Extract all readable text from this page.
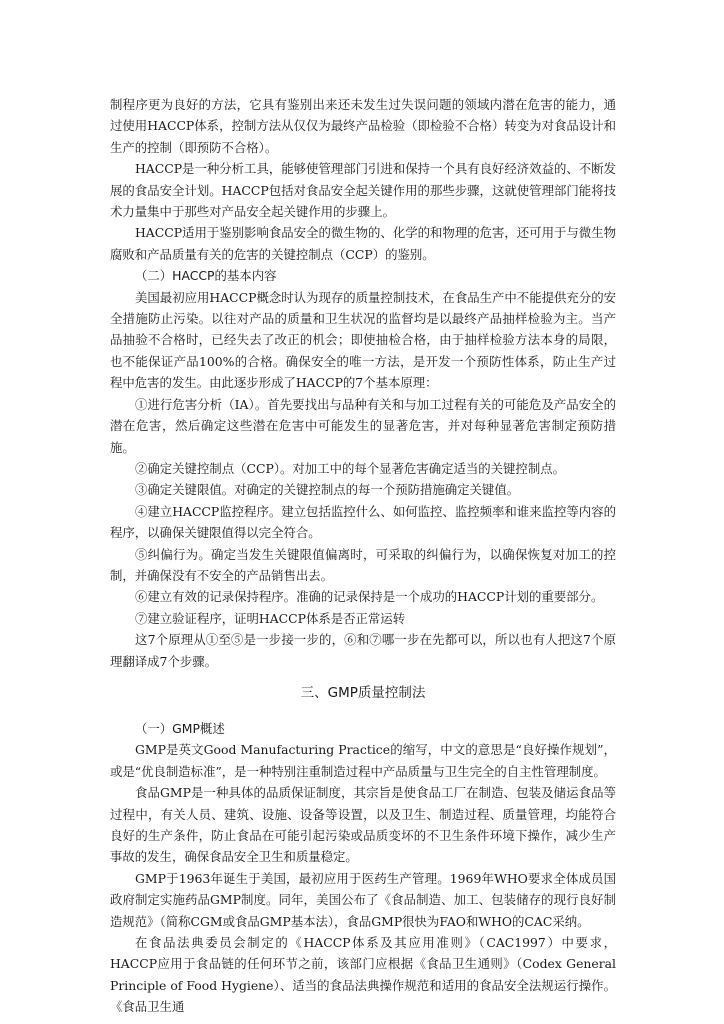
制程序更为良好的方法，它具有鉴别出来还未发生过失误问题的领域内潜在危害的能力，通过使用HACCP体系，控制方法从仅仅为最终产品检验（即检验不合格）转变为对食品设计和生产的控制（即预防不合格）。

HACCP是一种分析工具，能够使管理部门引进和保持一个具有良好经济效益的、不断发展的食品安全计划。HACCP包括对食品安全起关键作用的那些步骤，这就使管理部门能将技术力量集中于那些对产品安全起关键作用的步骤上。

HACCP适用于鉴别影响食品安全的微生物的、化学的和物理的危害，还可用于与微生物腐败和产品质量有关的危害的关键控制点（CCP）的鉴别。

（二）HACCP的基本内容

美国最初应用HACCP概念时认为现存的质量控制技术，在食品生产中不能提供充分的安全措施防止污染。以往对产品的质量和卫生状况的监督均是以最终产品抽样检验为主。当产品抽验不合格时，已经失去了改正的机会；即使抽检合格，由于抽样检验方法本身的局限，也不能保证产品100%的合格。确保安全的唯一方法，是开发一个预防性体系，防止生产过程中危害的发生。由此逐步形成了HACCP的7个基本原理：

①进行危害分析（IA）。首先要找出与品种有关和与加工过程有关的可能危及产品安全的潜在危害，然后确定这些潜在危害中可能发生的显著危害，并对每种显著危害制定预防措施。

②确定关键控制点（CCP）。对加工中的每个显著危害确定适当的关键控制点。

③确定关键限值。对确定的关键控制点的每一个预防措施确定关键值。

④建立HACCP监控程序。建立包括监控什么、如何监控、监控频率和谁来监控等内容的程序，以确保关键限值得以完全符合。

⑤纠偏行为。确定当发生关键限值偏离时，可采取的纠偏行为，以确保恢复对加工的控制，并确保没有不安全的产品销售出去。

⑥建立有效的记录保持程序。准确的记录保持是一个成功的HACCP计划的重要部分。

⑦建立验证程序，证明HACCP体系是否正常运转

这7个原理从①至⑤是一步接一步的，⑥和⑦哪一步在先都可以，所以也有人把这7个原理翻译成7个步骤。

三、GMP质量控制法

（一）GMP概述

GMP是英文Good Manufacturing Practice的缩写，中文的意思是“良好操作规划”，或是“优良制造标准”，是一种特别注重制造过程中产品质量与卫生完全的自主性管理制度。

食品GMP是一种具体的品质保证制度，其宗旨是使食品工厂在制造、包装及储运食品等过程中，有关人员、建筑、设施、设备等设置，以及卫生、制造过程、质量管理，均能符合良好的生产条件，防止食品在可能引起污染或品质变坏的不卫生条件环境下操作，减少生产事故的发生，确保食品安全卫生和质量稳定。

GMP于1963年诞生于美国，最初应用于医药生产管理。1969年WHO要求全体成员国政府制定实施药品GMP制度。同年，美国公布了《食品制造、加工、包装储存的现行良好制造规范》（简称CGM或食品GMP基本法），食品GMP很快为FAO和WHO的CAC采纳。

在食品法典委员会制定的《HACCP体系及其应用准则》（CAC1997）中要求，HACCP应用于食品链的任何环节之前，该部门应根据《食品卫生通则》（Codex General Principle of Food Hygiene）、适当的食品法典操作规范和适用的食品安全法规运行操作。《食品卫生通
